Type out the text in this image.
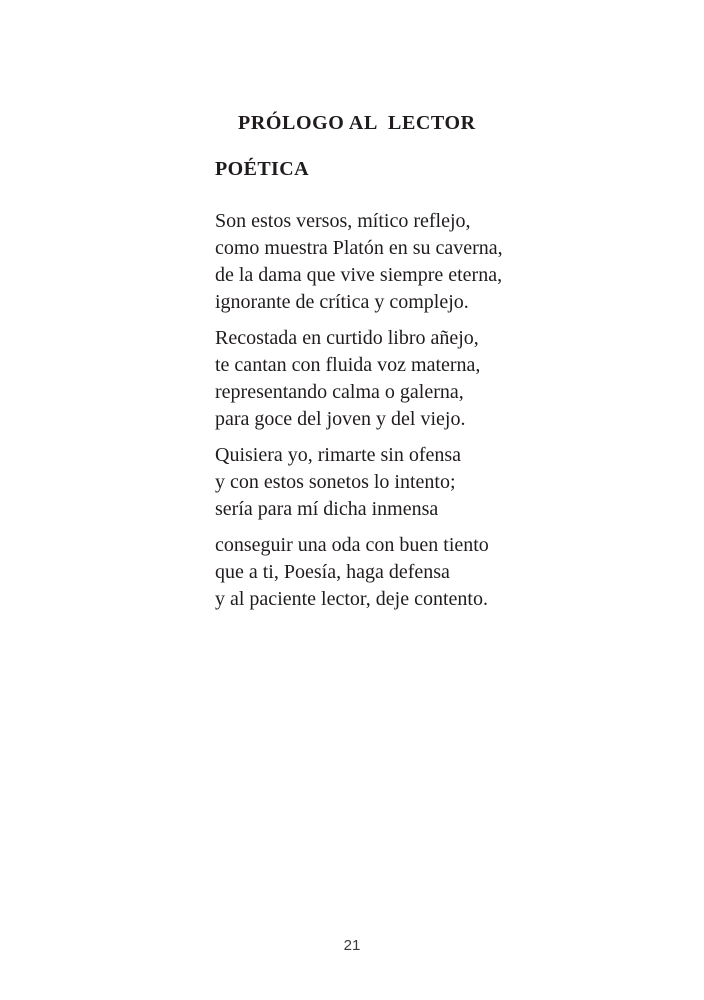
PRÓLOGO AL  LECTOR
POÉTICA
Son estos versos, mítico reflejo,
como muestra Platón en su caverna,
de la dama que vive siempre eterna,
ignorante de crítica y complejo.
Recostada en curtido libro añejo,
te cantan con fluida voz materna,
representando calma o galerna,
para goce del joven y del viejo.
Quisiera yo, rimarte sin ofensa
y con estos sonetos lo intento;
sería para mí dicha inmensa
conseguir una oda con buen tiento
que a ti, Poesía, haga defensa
y al paciente lector, deje contento.
21
